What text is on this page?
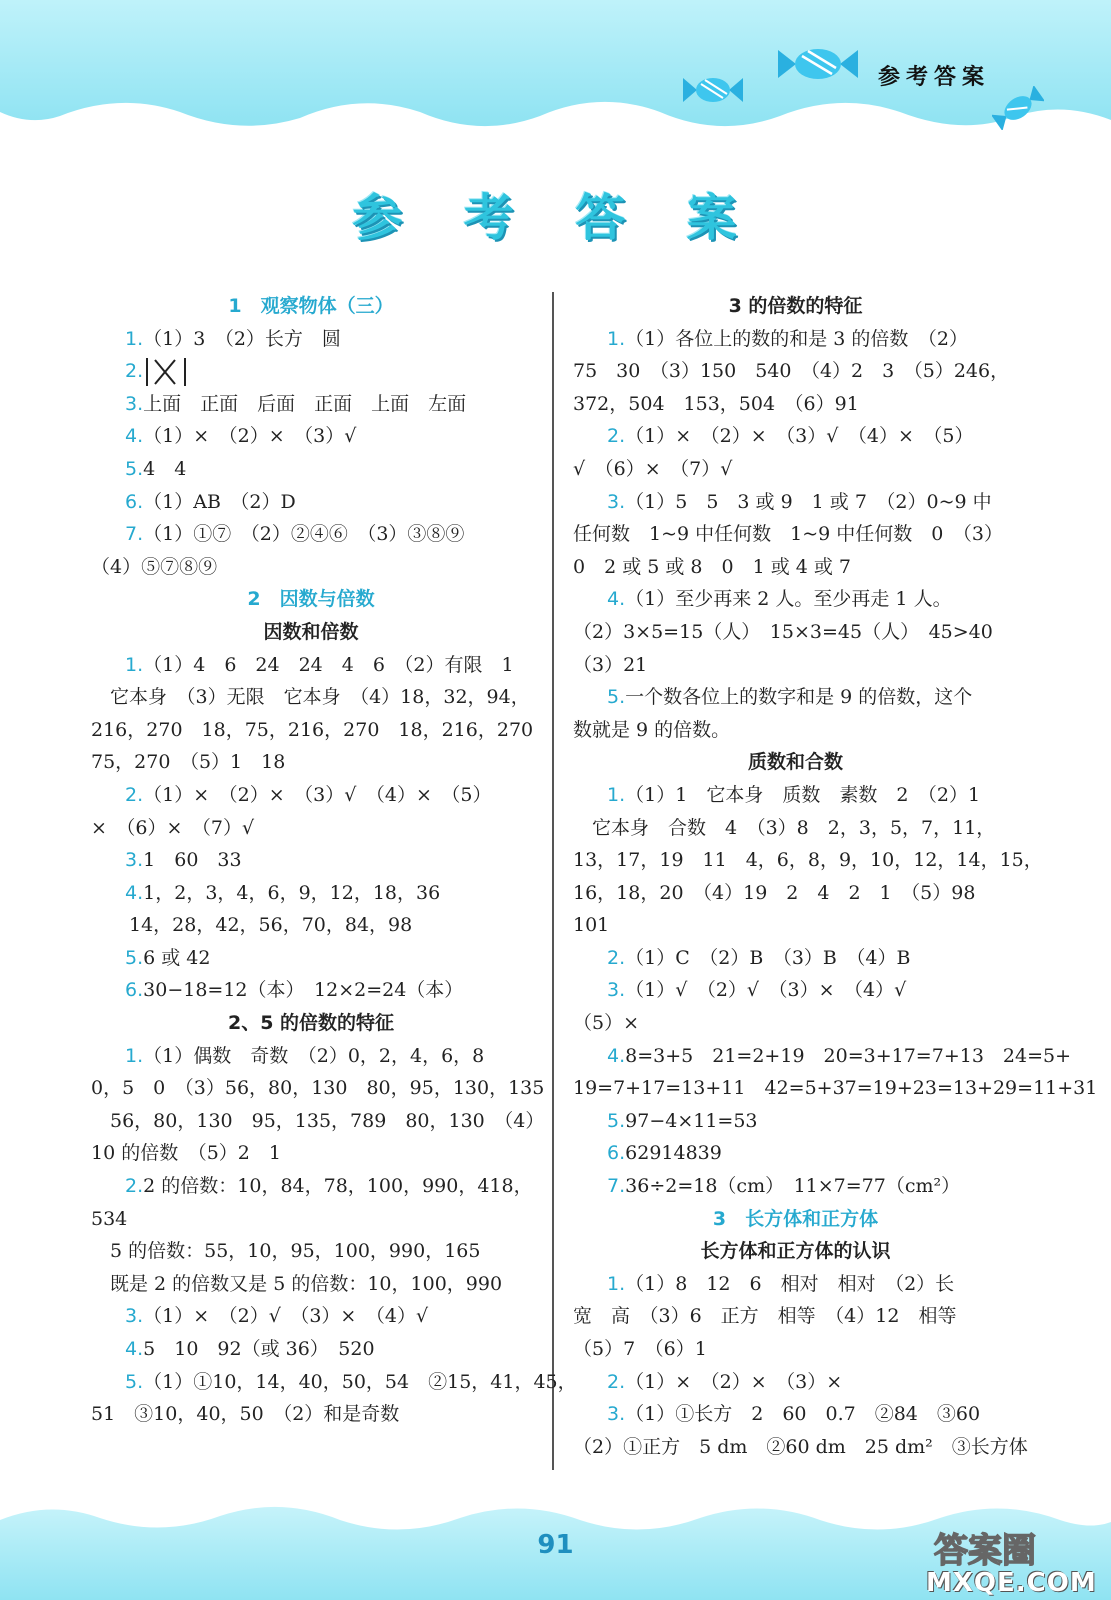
参考答案
参 考 答 案
1　观察物体（三）
1.（1）3　（2）长方　圆
2.
3.上面　正面　后面　正面　上面　左面
4.（1）×　（2）×　（3）√
5.4　4
6.（1）AB　（2）D
7.（1）①⑦　（2）②④⑥　（3）③⑧⑨
（4）⑤⑦⑧⑨
2　因数与倍数
因数和倍数
1.（1）4　6　24　24　4　6　（2）有限　1
　它本身　（3）无限　它本身　（4）18，32，94，
216，270　18，75，216，270　18，216，270
75，270　（5）1　18
2.（1）×　（2）×　（3）√　（4）×　（5）
×　（6）×　（7）√
3.1　60　33
4.1，2，3，4，6，9，12，18，36
　　14，28，42，56，70，84，98
5.6 或 42
6.30−18=12（本）　12×2=24（本）
2、5 的倍数的特征
1.（1）偶数　奇数　（2）0，2，4，6，8
0，5　0　（3）56，80，130　80，95，130，135
　56，80，130　95，135，789　80，130　（4）
10 的倍数　（5）2　1
2.2 的倍数：10，84，78，100，990，418，
534
　5 的倍数：55，10，95，100，990，165
　既是 2 的倍数又是 5 的倍数：10，100，990
3.（1）×　（2）√　（3）×　（4）√
4.5　10　92（或 36）　520
5.（1）①10，14，40，50，54　②15，41，45，
51　③10，40，50　（2）和是奇数
3 的倍数的特征
1.（1）各位上的数的和是 3 的倍数　（2）
75　30　（3）150　540　（4）2　3　（5）246，
372，504　153，504　（6）91
2.（1）×　（2）×　（3）√　（4）×　（5）
√　（6）×　（7）√
3.（1）5　5　3 或 9　1 或 7　（2）0~9 中
任何数　1~9 中任何数　1~9 中任何数　0　（3）
0　2 或 5 或 8　0　1 或 4 或 7
4.（1）至少再来 2 人。至少再走 1 人。
（2）3×5=15（人）　15×3=45（人）　45>40
（3）21
5.一个数各位上的数字和是 9 的倍数，这个
数就是 9 的倍数。
质数和合数
1.（1）1　它本身　质数　素数　2　（2）1
　它本身　合数　4　（3）8　2，3，5，7，11，
13，17，19　11　4，6，8，9，10，12，14，15，
16，18，20　（4）19　2　4　2　1　（5）98
101
2.（1）C　（2）B　（3）B　（4）B
3.（1）√　（2）√　（3）×　（4）√
（5）×
4.8=3+5　21=2+19　20=3+17=7+13　24=5+
19=7+17=13+11　42=5+37=19+23=13+29=11+31
5.97−4×11=53
6.62914839
7.36÷2=18（cm）　11×7=77（cm²）
3　长方体和正方体
长方体和正方体的认识
1.（1）8　12　6　相对　相对　（2）长
宽　高　（3）6　正方　相等　（4）12　相等
（5）7　（6）1
2.（1）×　（2）×　（3）×
3.（1）①长方　2　60　0.7　②84　③60
（2）①正方　5 dm　②60 dm　25 dm²　③长方体
91	答案圈
MXQE.COM
